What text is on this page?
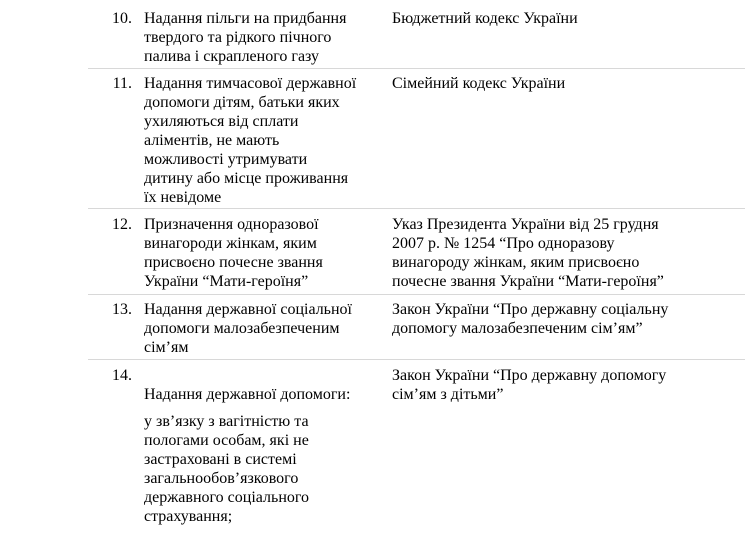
10. Надання пільги на придбання
твердого та рідкого пічного
палива і скрапленого газу
Бюджетний кодекс України
11. Надання тимчасової державної
допомоги дітям, батьки яких
ухиляються від сплати
аліментів, не мають
можливості утримувати
дитину або місце проживання
їх невідоме
Сімейний кодекс України
12. Призначення одноразової
винагороди жінкам, яким
присвоєно почесне звання
України “Мати-героїня”
Указ Президента України від 25 грудня
2007 р. № 1254 “Про одноразову
винагороду жінкам, яким присвоєно
почесне звання України “Мати-героїня”
13. Надання державної соціальної
допомоги малозабезпеченим
сім’ям
Закон України “Про державну соціальну
допомогу малозабезпеченим сім’ям”
14.

Надання державної допомоги:

у зв’язку з вагітністю та
пологами особам, які не
застраховані в системі
загальнообов’язкового
державного соціального
страхування;

Закон України “Про державну допомогу
сім’ям з дітьми”
